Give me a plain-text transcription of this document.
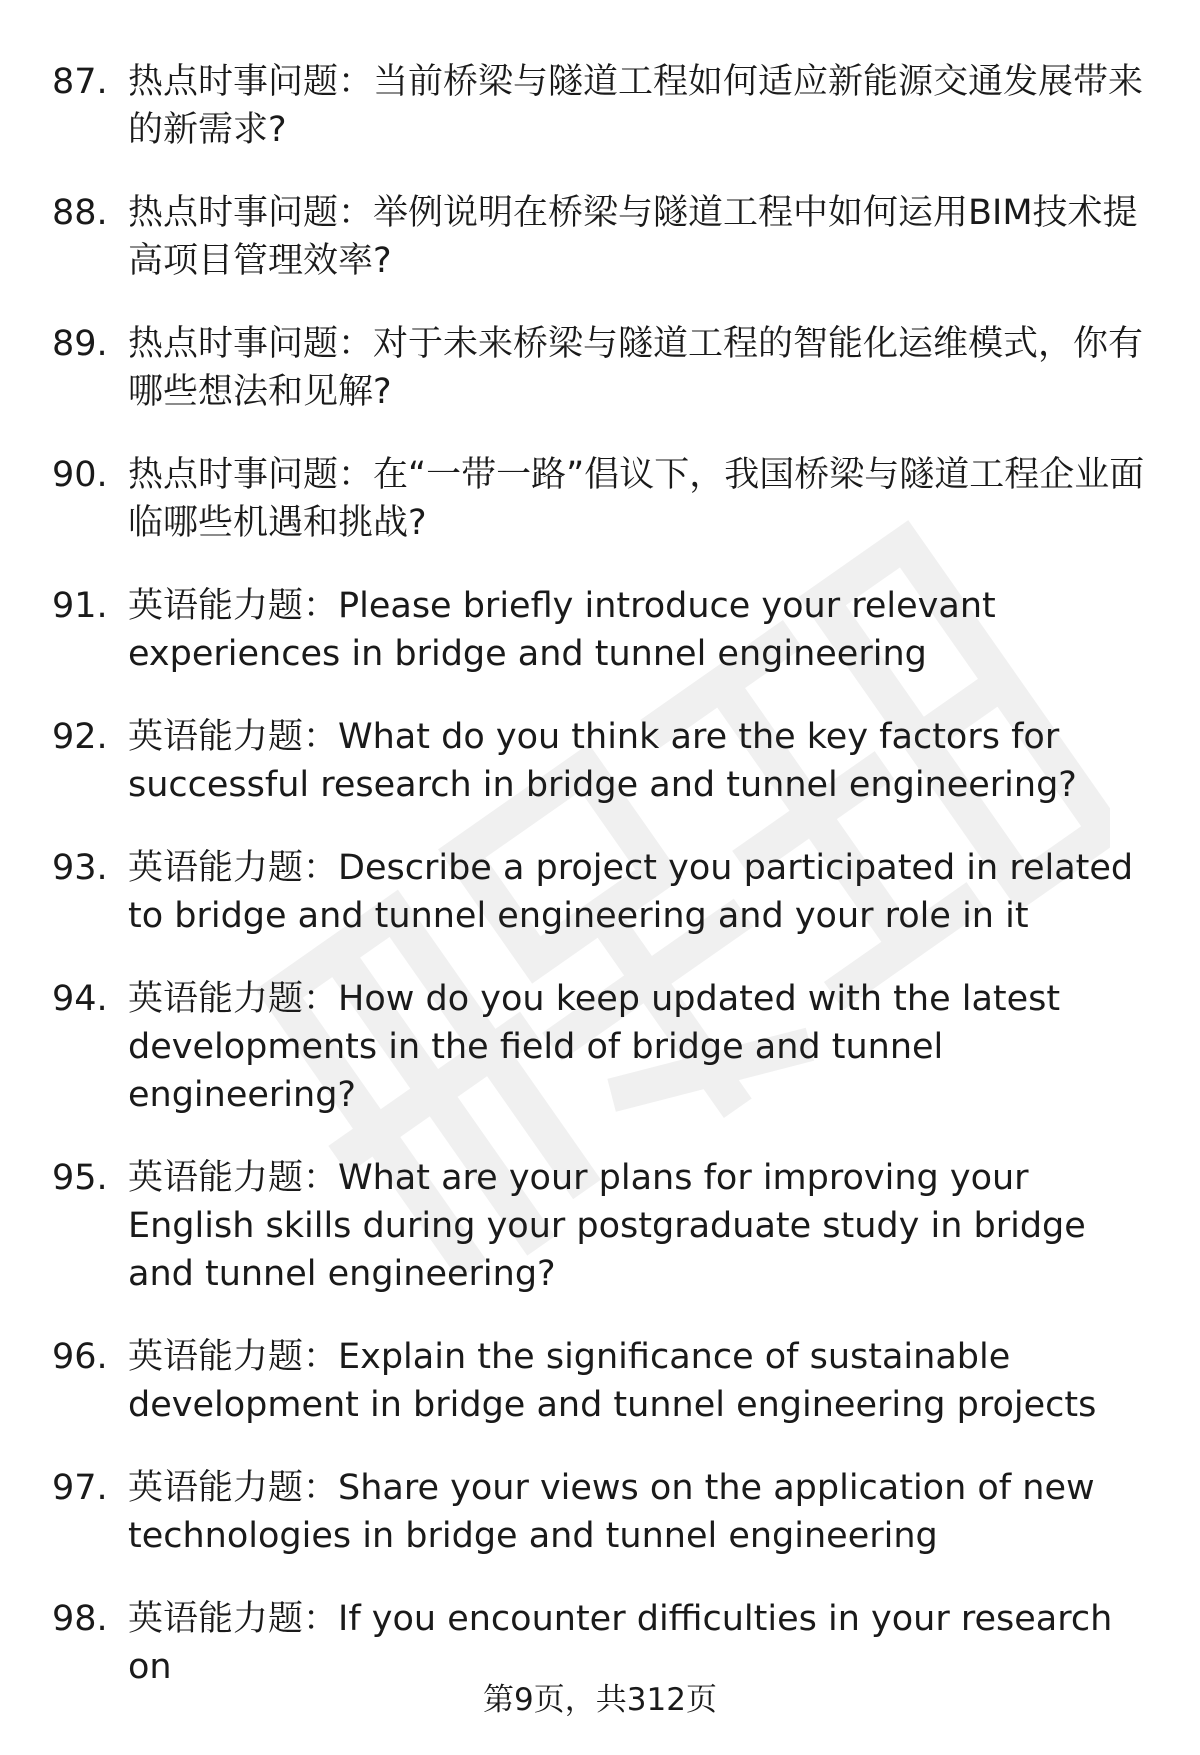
87. 热点时事问题：当前桥梁与隧道工程如何适应新能源交通发展带来的新需求?
88. 热点时事问题：举例说明在桥梁与隧道工程中如何运用BIM技术提高项目管理效率?
89. 热点时事问题：对于未来桥梁与隧道工程的智能化运维模式，你有哪些想法和见解?
90. 热点时事问题：在“一带一路”倡议下，我国桥梁与隧道工程企业面临哪些机遇和挑战?
91. 英语能力题：Please briefly introduce your relevant experiences in bridge and tunnel engineering
92. 英语能力题：What do you think are the key factors for successful research in bridge and tunnel engineering?
93. 英语能力题：Describe a project you participated in related to bridge and tunnel engineering and your role in it
94. 英语能力题：How do you keep updated with the latest developments in the field of bridge and tunnel engineering?
95. 英语能力题：What are your plans for improving your English skills during your postgraduate study in bridge and tunnel engineering?
96. 英语能力题：Explain the significance of sustainable development in bridge and tunnel engineering projects
97. 英语能力题：Share your views on the application of new technologies in bridge and tunnel engineering
98. 英语能力题：If you encounter difficulties in your research on
第9页，共312页
